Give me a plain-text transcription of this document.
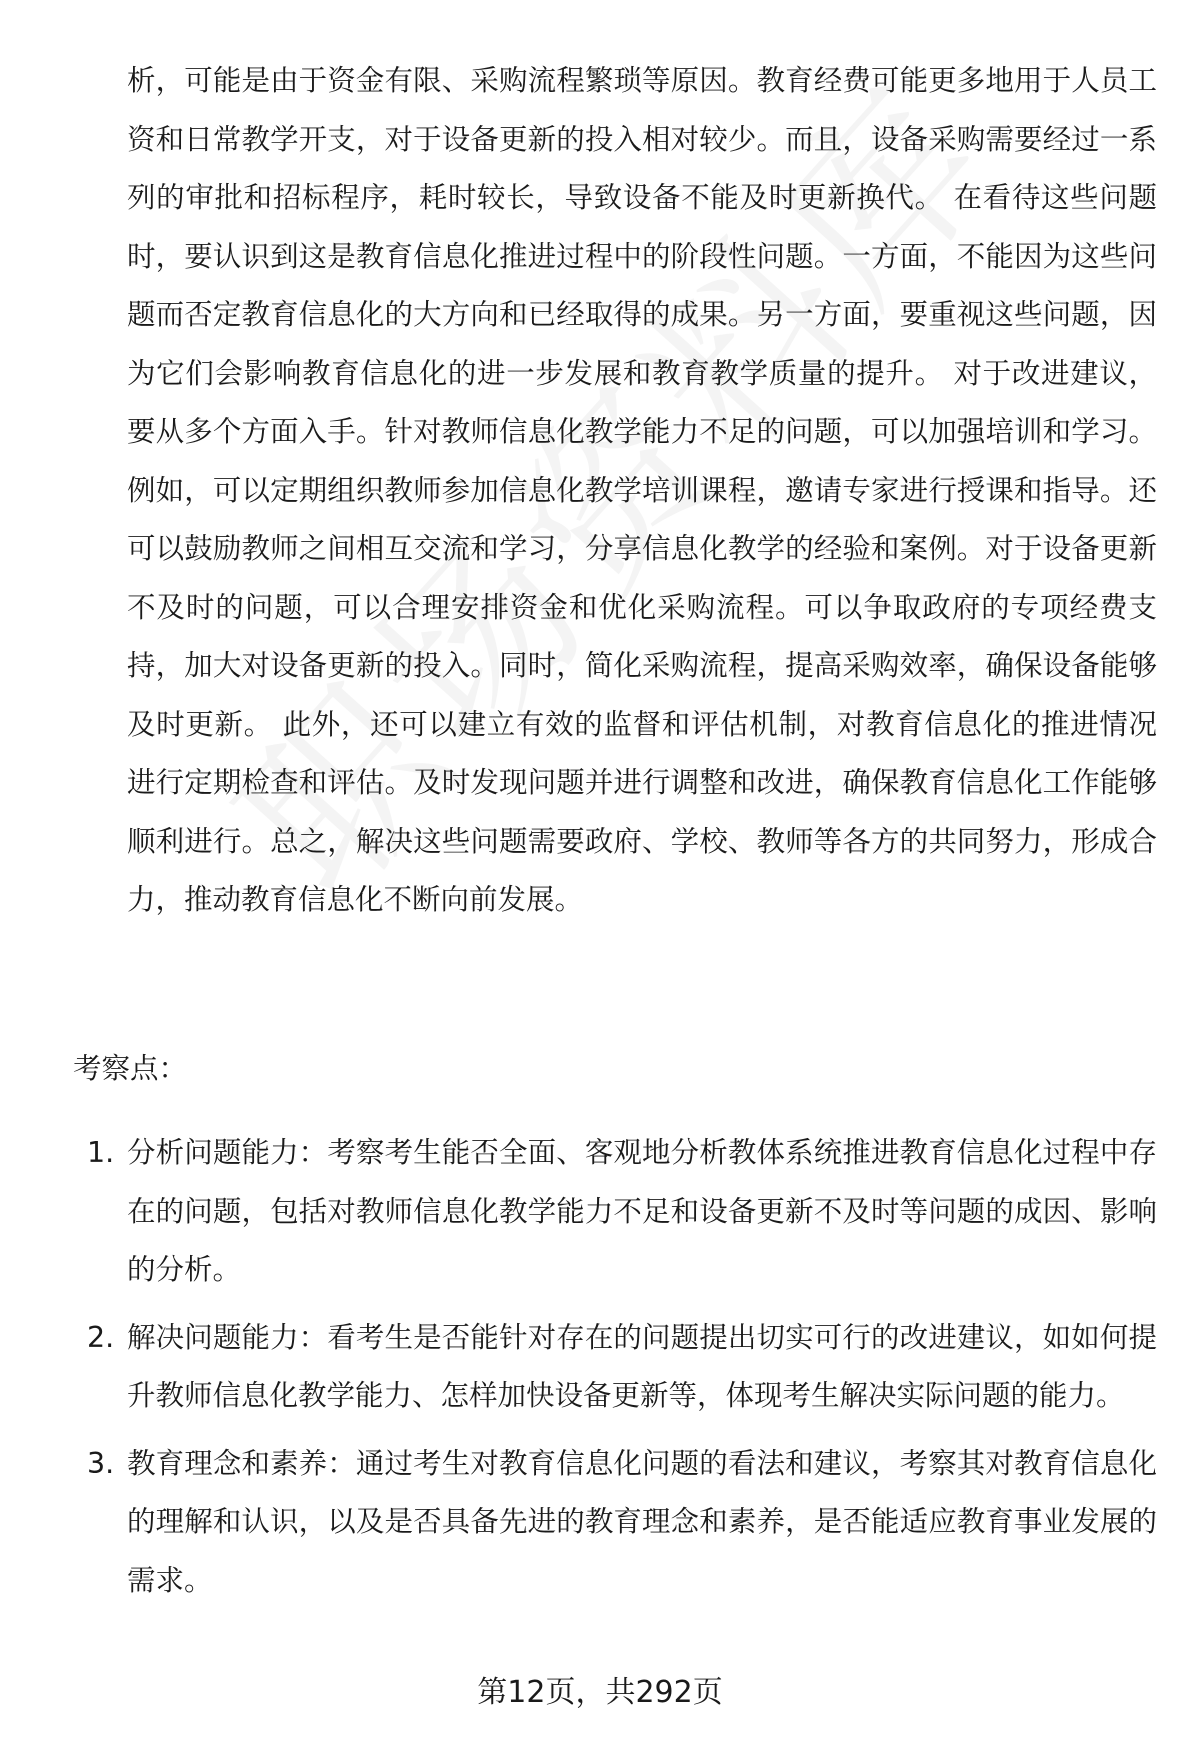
析，可能是由于资金有限、采购流程繁琐等原因。教育经费可能更多地用于人员工资和日常教学开支，对于设备更新的投入相对较少。而且，设备采购需要经过一系列的审批和招标程序，耗时较长，导致设备不能及时更新换代。 在看待这些问题时，要认识到这是教育信息化推进过程中的阶段性问题。一方面，不能因为这些问题而否定教育信息化的大方向和已经取得的成果。另一方面，要重视这些问题，因为它们会影响教育信息化的进一步发展和教育教学质量的提升。 对于改进建议，要从多个方面入手。针对教师信息化教学能力不足的问题，可以加强培训和学习。例如，可以定期组织教师参加信息化教学培训课程，邀请专家进行授课和指导。还可以鼓励教师之间相互交流和学习，分享信息化教学的经验和案例。对于设备更新不及时的问题，可以合理安排资金和优化采购流程。可以争取政府的专项经费支持，加大对设备更新的投入。同时，简化采购流程，提高采购效率，确保设备能够及时更新。 此外，还可以建立有效的监督和评估机制，对教育信息化的推进情况进行定期检查和评估。及时发现问题并进行调整和改进，确保教育信息化工作能够顺利进行。总之，解决这些问题需要政府、学校、教师等各方的共同努力，形成合力，推动教育信息化不断向前发展。

考察点：

1. 分析问题能力：考察考生能否全面、客观地分析教体系统推进教育信息化过程中存在的问题，包括对教师信息化教学能力不足和设备更新不及时等问题的成因、影响的分析。
2. 解决问题能力：看考生是否能针对存在的问题提出切实可行的改进建议，如如何提升教师信息化教学能力、怎样加快设备更新等，体现考生解决实际问题的能力。
3. 教育理念和素养：通过考生对教育信息化问题的看法和建议，考察其对教育信息化的理解和认识，以及是否具备先进的教育理念和素养，是否能适应教育事业发展的需求。
第12页，共292页
